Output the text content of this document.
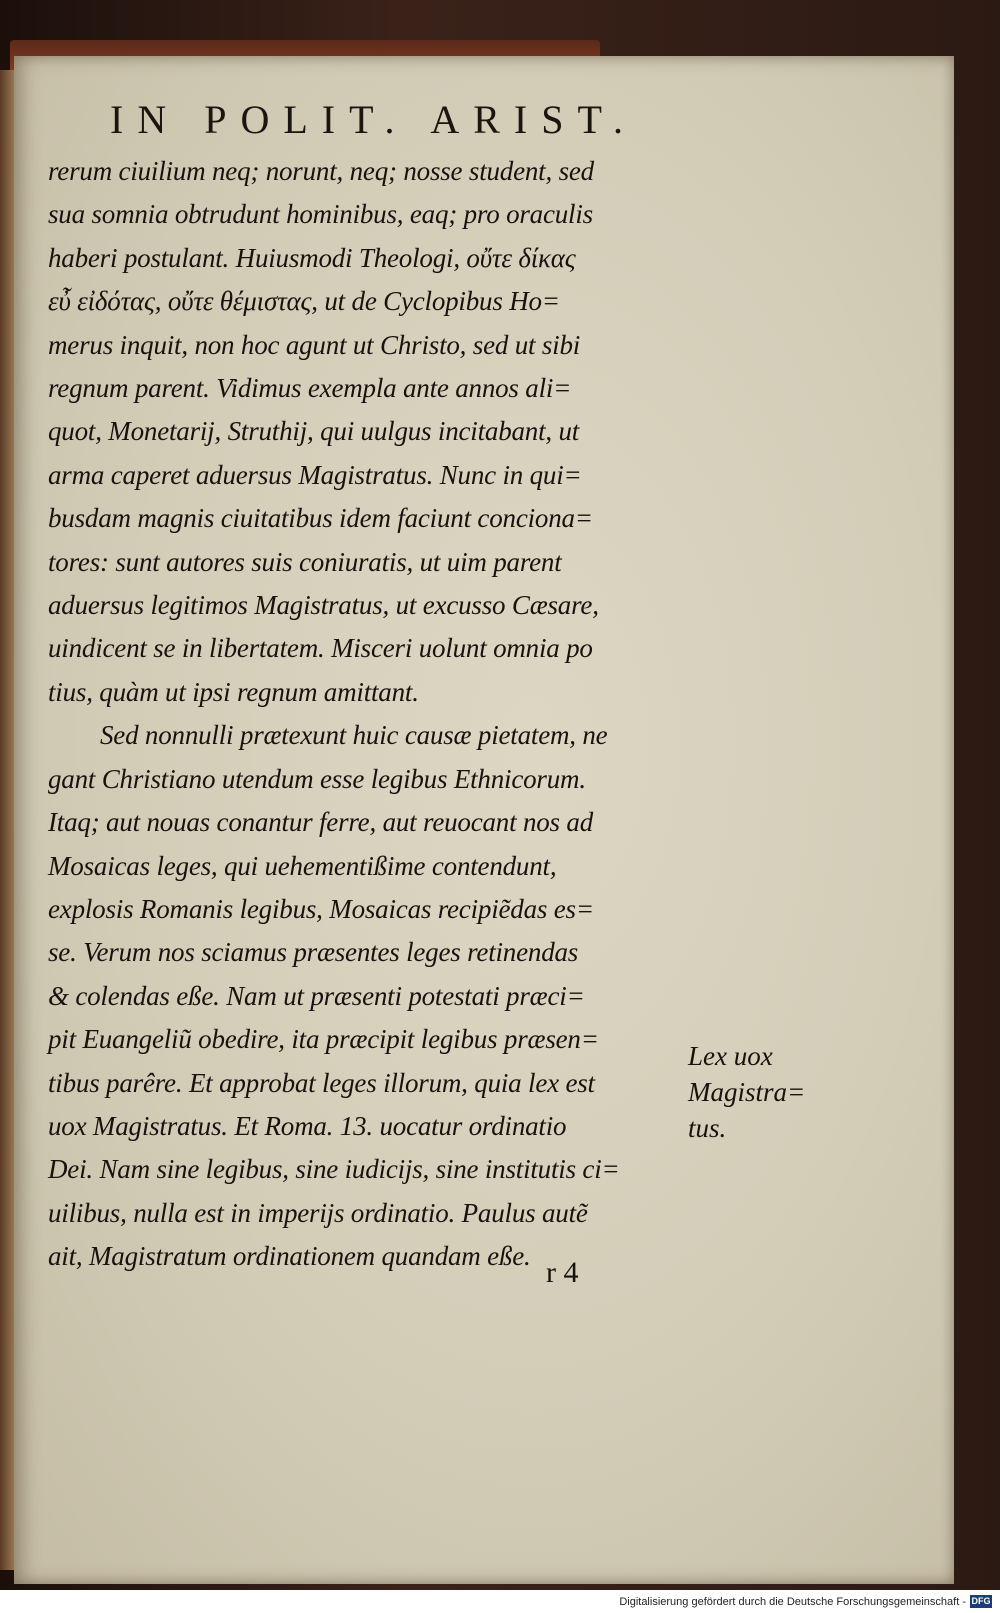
IN POLIT. ARIST.
rerum ciuilium neq; norunt, neq; nosse student, sed
sua somnia obtrudunt hominibus, eaq; pro oraculis
haberi postulant. Huiusmodi Theologi, οὔτε δίκας
εὖ εἰδότας, οὔτε θέμιστας, ut de Cyclopibus Ho=
merus inquit, non hoc agunt ut Christo, sed ut sibi
regnum parent. Vidimus exempla ante annos ali=
quot, Monetarij, Struthij, qui uulgus incitabant, ut
arma caperet aduersus Magistratus. Nunc in qui=
busdam magnis ciuitatibus idem faciunt conciona=
tores: sunt autores suis coniuratis, ut uim parent
aduersus legitimos Magistratus, ut excusso Cæsare,
uindicent se in libertatem. Misceri uolunt omnia po
tius, quàm ut ipsi regnum amittant.
Sed nonnulli prætexunt huic causæ pietatem, ne
gant Christiano utendum esse legibus Ethnicorum.
Itaq; aut nouas conantur ferre, aut reuocant nos ad
Mosaicas leges, qui uehementißime contendunt,
explosis Romanis legibus, Mosaicas recipiẽdas es=
se. Verum nos sciamus præsentes leges retinendas
& colendas eße. Nam ut præsenti potestati præci=
pit Euangeliũ obedire, ita præcipit legibus præsen=
tibus parêre. Et approbat leges illorum, quia lex est
uox Magistratus. Et Roma. 13. uocatur ordinatio
Dei. Nam sine legibus, sine iudicijs, sine institutis ci=
uilibus, nulla est in imperijs ordinatio. Paulus autẽ
ait, Magistratum ordinationem quandam eße.
Lex uox
Magistra=
tus.
r 4
Digitalisierung gefördert durch die Deutsche Forschungsgemeinschaft - DFG
